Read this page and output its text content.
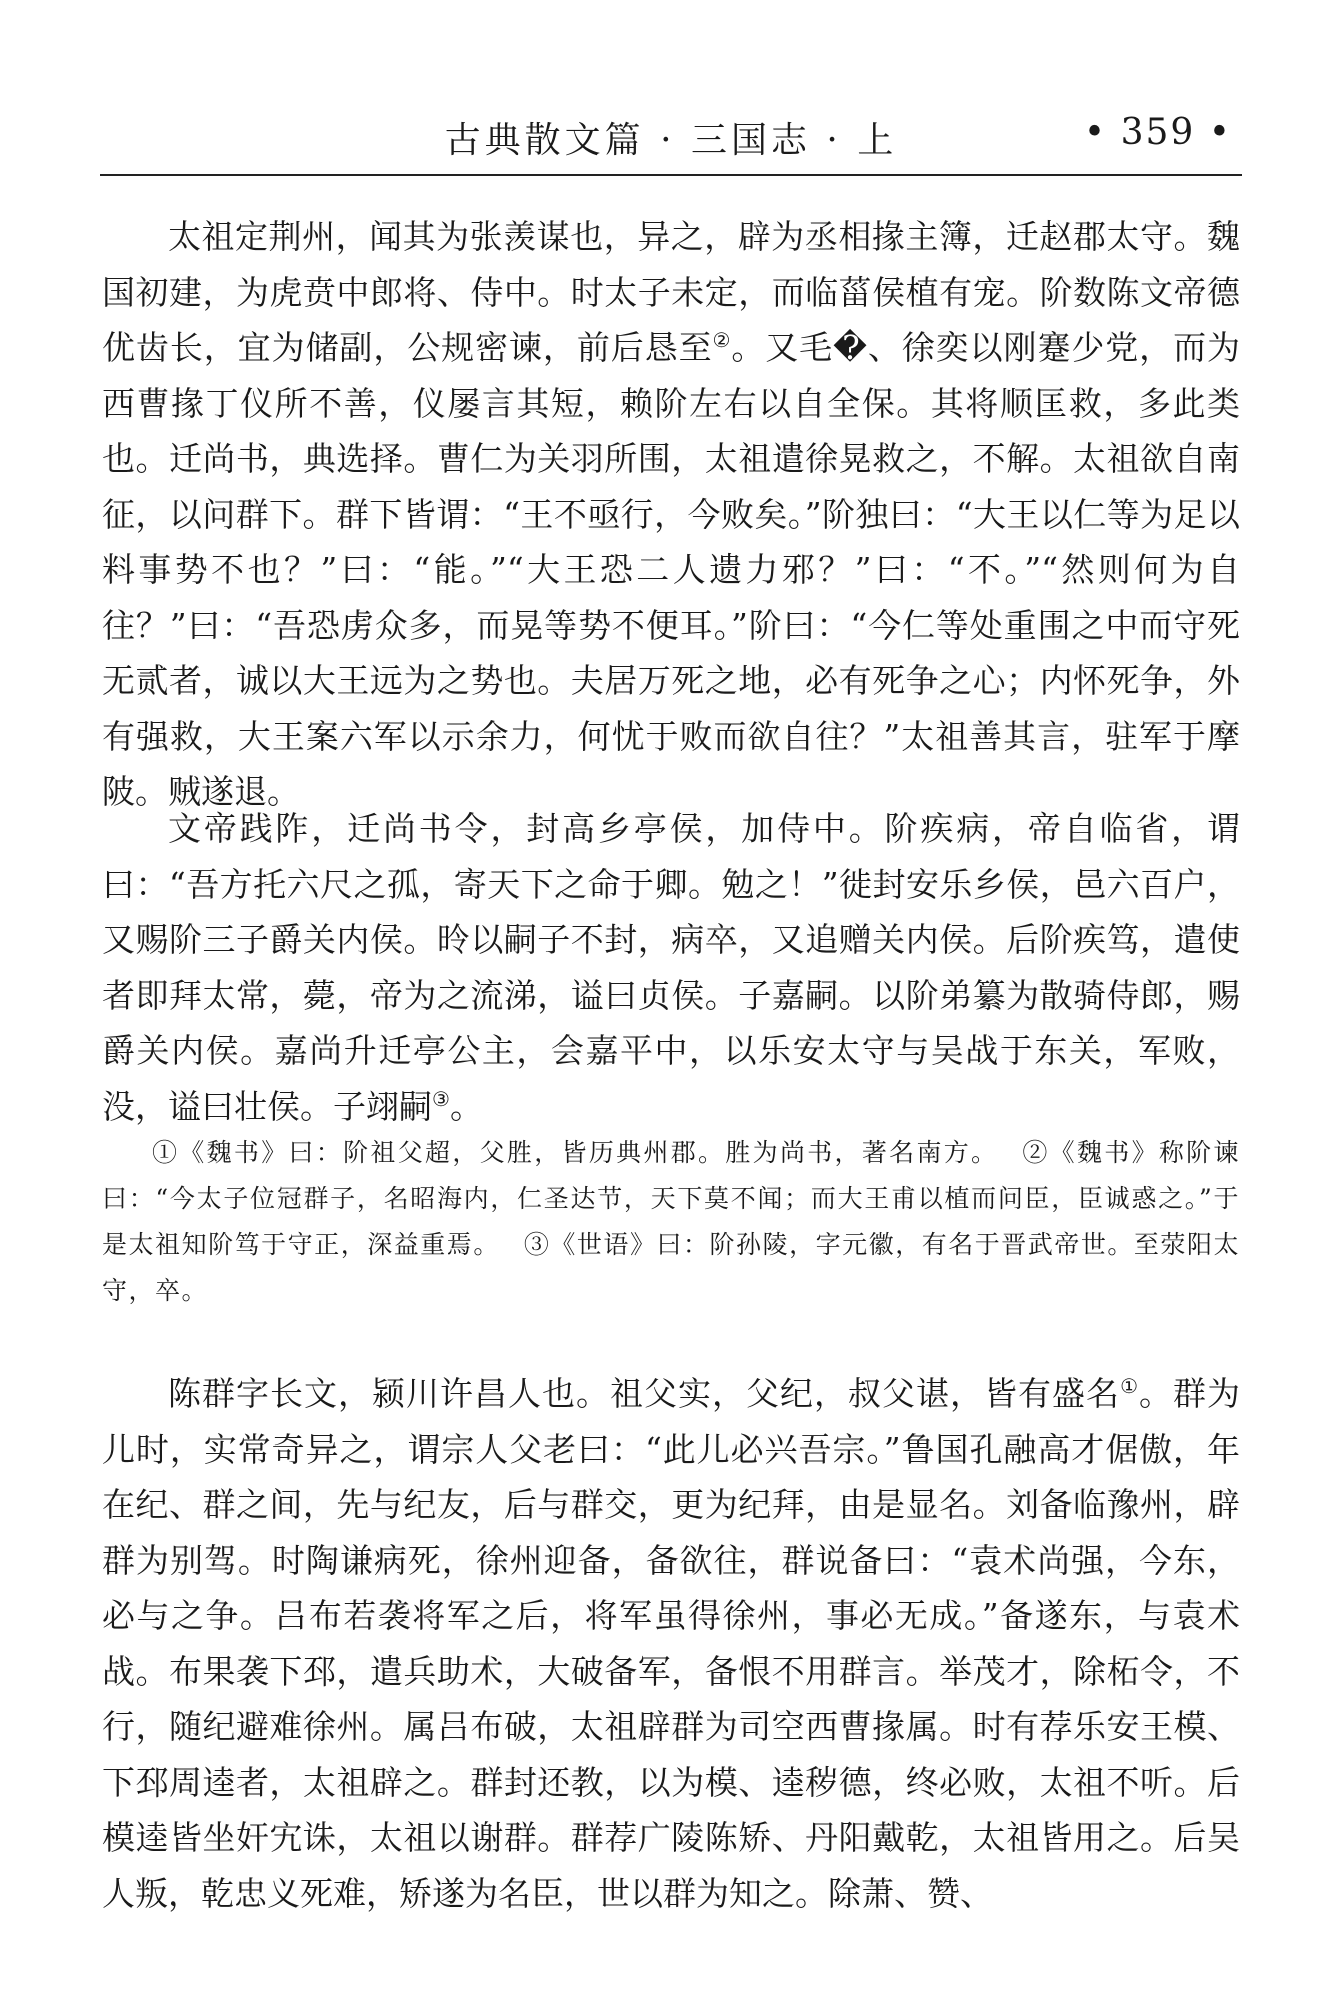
古典散文篇 · 三国志 · 上	• 359 •

太祖定荆州，闻其为张羡谋也，异之，辟为丞相掾主簿，迁赵郡太守。魏国初建，为虎贲中郎将、侍中。时太子未定，而临菑侯植有宠。阶数陈文帝德优齿长，宜为储副，公规密谏，前后恳至②。又毛�、徐奕以刚蹇少党，而为西曹掾丁仪所不善，仪屡言其短，赖阶左右以自全保。其将顺匡救，多此类也。迁尚书，典选择。曹仁为关羽所围，太祖遣徐晃救之，不解。太祖欲自南征，以问群下。群下皆谓：“王不亟行，今败矣。”阶独曰：“大王以仁等为足以料事势不也？”曰：“能。”“大王恐二人遗力邪？”曰：“不。”“然则何为自往？”曰：“吾恐虏众多，而晃等势不便耳。”阶曰：“今仁等处重围之中而守死无贰者，诚以大王远为之势也。夫居万死之地，必有死争之心；内怀死争，外有强救，大王案六军以示余力，何忧于败而欲自往？”太祖善其言，驻军于摩陂。贼遂退。

文帝践阼，迁尚书令，封高乡亭侯，加侍中。阶疾病，帝自临省，谓曰：“吾方托六尺之孤，寄天下之命于卿。勉之！”徙封安乐乡侯，邑六百户，又赐阶三子爵关内侯。昤以嗣子不封，病卒，又追赠关内侯。后阶疾笃，遣使者即拜太常，薨，帝为之流涕，谥曰贞侯。子嘉嗣。以阶弟纂为散骑侍郎，赐爵关内侯。嘉尚升迁亭公主，会嘉平中，以乐安太守与吴战于东关，军败，没，谥曰壮侯。子翊嗣③。

①《魏书》曰：阶祖父超，父胜，皆历典州郡。胜为尚书，著名南方。 ②《魏书》称阶谏曰：“今太子位冠群子，名昭海内，仁圣达节，天下莫不闻；而大王甫以植而问臣，臣诚惑之。”于是太祖知阶笃于守正，深益重焉。 ③《世语》曰：阶孙陵，字元徽，有名于晋武帝世。至荥阳太守，卒。

陈群字长文，颍川许昌人也。祖父实，父纪，叔父谌，皆有盛名①。群为儿时，实常奇异之，谓宗人父老曰：“此儿必兴吾宗。”鲁国孔融高才倨傲，年在纪、群之间，先与纪友，后与群交，更为纪拜，由是显名。刘备临豫州，辟群为别驾。时陶谦病死，徐州迎备，备欲往，群说备曰：“袁术尚强，今东，必与之争。吕布若袭将军之后，将军虽得徐州，事必无成。”备遂东，与袁术战。布果袭下邳，遣兵助术，大破备军，备恨不用群言。举茂才，除柘令，不行，随纪避难徐州。属吕布破，太祖辟群为司空西曹掾属。时有荐乐安王模、下邳周逵者，太祖辟之。群封还教，以为模、逵秽德，终必败，太祖不听。后模逵皆坐奸宄诛，太祖以谢群。群荐广陵陈矫、丹阳戴乾，太祖皆用之。后吴人叛，乾忠义死难，矫遂为名臣，世以群为知之。除萧、赞、
